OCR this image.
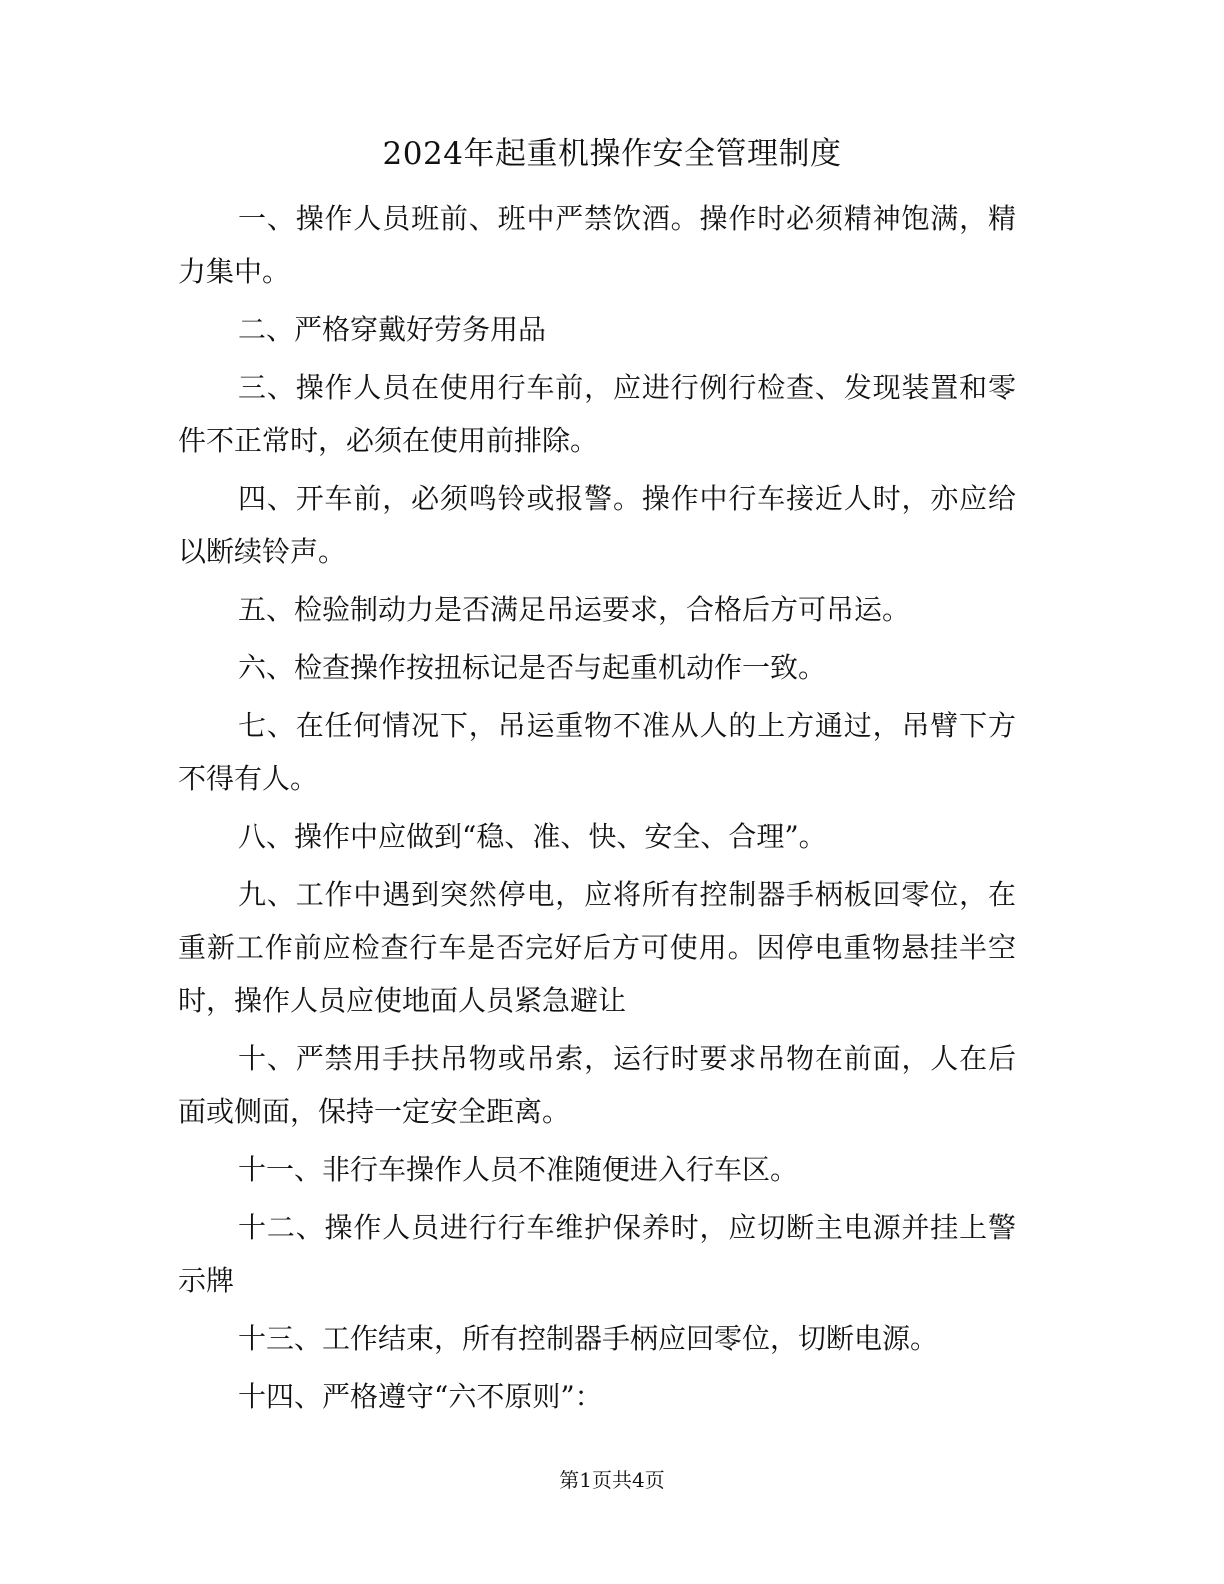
2024年起重机操作安全管理制度

一、操作人员班前、班中严禁饮酒。操作时必须精神饱满，精力集中。

二、严格穿戴好劳务用品

三、操作人员在使用行车前，应进行例行检查、发现装置和零件不正常时，必须在使用前排除。

四、开车前，必须鸣铃或报警。操作中行车接近人时，亦应给以断续铃声。

五、检验制动力是否满足吊运要求，合格后方可吊运。

六、检查操作按扭标记是否与起重机动作一致。

七、在任何情况下，吊运重物不准从人的上方通过，吊臂下方不得有人。

八、操作中应做到“稳、准、快、安全、合理”。

九、工作中遇到突然停电，应将所有控制器手柄板回零位，在重新工作前应检查行车是否完好后方可使用。因停电重物悬挂半空时，操作人员应使地面人员紧急避让

十、严禁用手扶吊物或吊索，运行时要求吊物在前面，人在后面或侧面，保持一定安全距离。

十一、非行车操作人员不准随便进入行车区。

十二、操作人员进行行车维护保养时，应切断主电源并挂上警示牌

十三、工作结束，所有控制器手柄应回零位，切断电源。

十四、严格遵守“六不原则”：

第1页共4页
